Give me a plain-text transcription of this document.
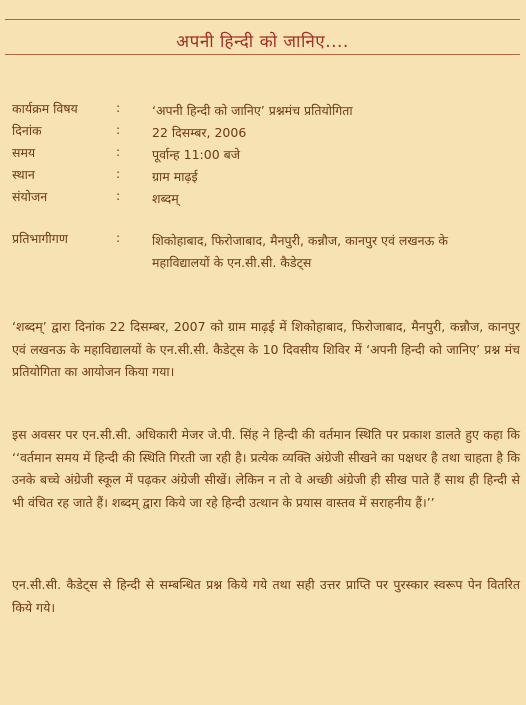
अपनी हिन्दी को जानिए....
कार्यक्रम विषय	:	‘अपनी हिन्दी को जानिए’ प्रश्नमंच प्रतियोगिता
दिनांक	:	22 दिसम्बर, 2006
समय	:	पूर्वान्ह 11:00 बजे
स्थान	:	ग्राम माढ़ई
संयोजन	:	शब्दम्
प्रतिभागीगण	:	शिकोहाबाद, फिरोजाबाद, मैनपुरी, कन्नौज, कानपुर एवं लखनऊ के महाविद्यालयों के एन.सी.सी. कैडेट्स

‘शब्दम्’ द्वारा दिनांक 22 दिसम्बर, 2007 को ग्राम माढ़ई में शिकोहाबाद, फिरोजाबाद, मैनपुरी, कन्नौज, कानपुर एवं लखनऊ के महाविद्यालयों के एन.सी.सी. कैडेट्स के 10 दिवसीय शिविर में ‘अपनी हिन्दी को जानिए’ प्रश्न मंच प्रतियोगिता का आयोजन किया गया।

इस अवसर पर एन.सी.सी. अधिकारी मेजर जे.पी. सिंह ने हिन्दी की वर्तमान स्थिति पर प्रकाश डालते हुए कहा कि ‘‘वर्तमान समय में हिन्दी की स्थिति गिरती जा रही है। प्रत्येक व्यक्ति अंग्रेजी सीखने का पक्षधर है तथा चाहता है कि उनके बच्चे अंग्रेजी स्कूल में पढ़कर अंग्रेजी सीखें। लेकिन न तो वे अच्छी अंग्रेजी ही सीख पाते हैं साथ ही हिन्दी से भी वंचित रह जाते हैं। शब्दम् द्वारा किये जा रहे हिन्दी उत्थान के प्रयास वास्तव में सराहनीय हैं।’’

एन.सी.सी. कैडेट्स से हिन्दी से सम्बन्धित प्रश्न किये गये तथा सही उत्तर प्राप्ति पर पुरस्कार स्वरूप पेन वितरित किये गये।
